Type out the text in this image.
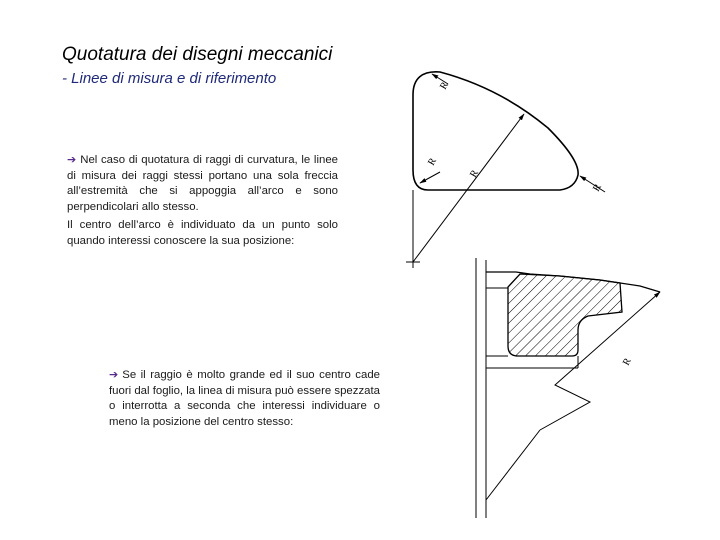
Quotatura dei disegni meccanici
- Linee di misura e di riferimento
➔ Nel caso di quotatura di raggi di curvatura, le linee di misura dei raggi stessi portano una sola freccia all’estremità che si appoggia all’arco e sono perpendicolari allo stesso.
Il centro dell’arco è individuato da un punto solo quando interessi conoscere la sua posizione:
➔ Se il raggio è molto grande ed il suo centro cade fuori dal foglio, la linea di misura può essere spezzata o interrotta a seconda che interessi individuare o meno la posizione del centro stesso:
R
R
R
R
R
